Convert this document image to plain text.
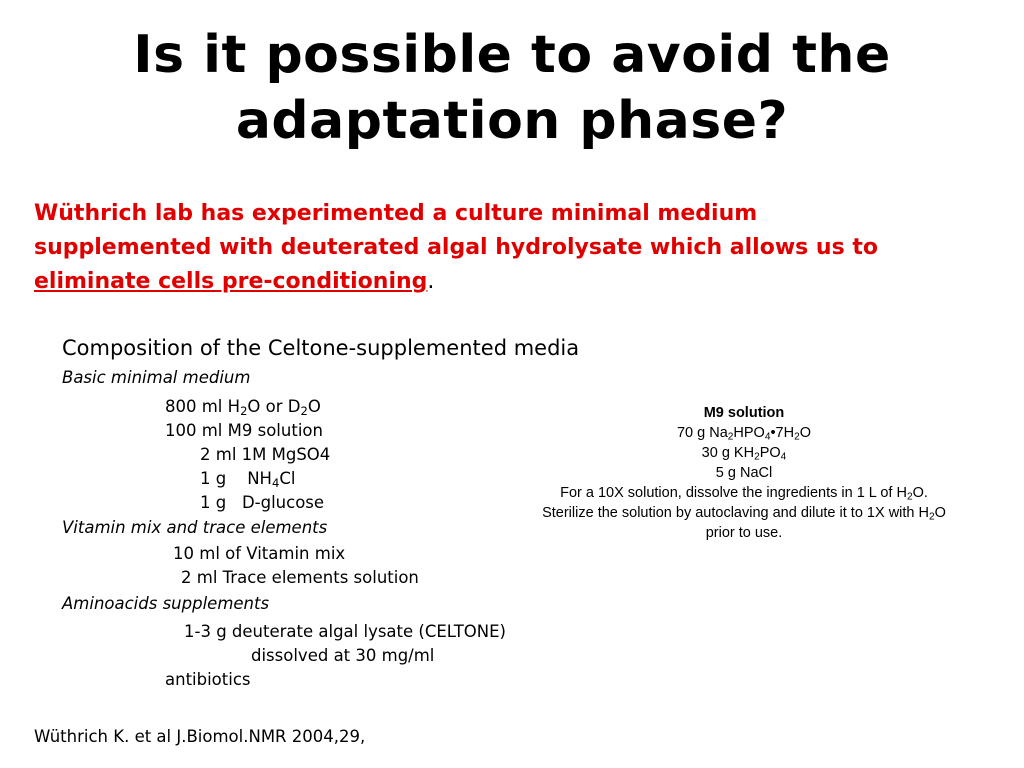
Is it possible to avoid the
adaptation phase?
Wüthrich lab has experimented a culture minimal medium
supplemented with deuterated algal hydrolysate which allows us to
eliminate cells pre-conditioning.
Composition of the Celtone-supplemented media
Basic minimal medium
800 ml $H_2O$ or $D_2O$
100 ml M9 solution
2 ml 1M MgSO4
1 g    $NH_4Cl$
1 g   D-glucose
Vitamin mix and trace elements
10 ml of Vitamin mix
2 ml Trace elements solution
Aminoacids supplements
1-3 g deuterate algal lysate (CELTONE)
dissolved at 30 mg/ml
antibiotics
M9 solution
70 g $Na_2HPO_4•7H_2O$
30 g $KH_2PO_4$
5 g NaCl
For a 10X solution, dissolve the ingredients in 1 L of $H_2O$.
Sterilize the solution by autoclaving and dilute it to 1X with $H_2O$
prior to use.
Wüthrich K. et al J.Biomol.NMR 2004,29,
